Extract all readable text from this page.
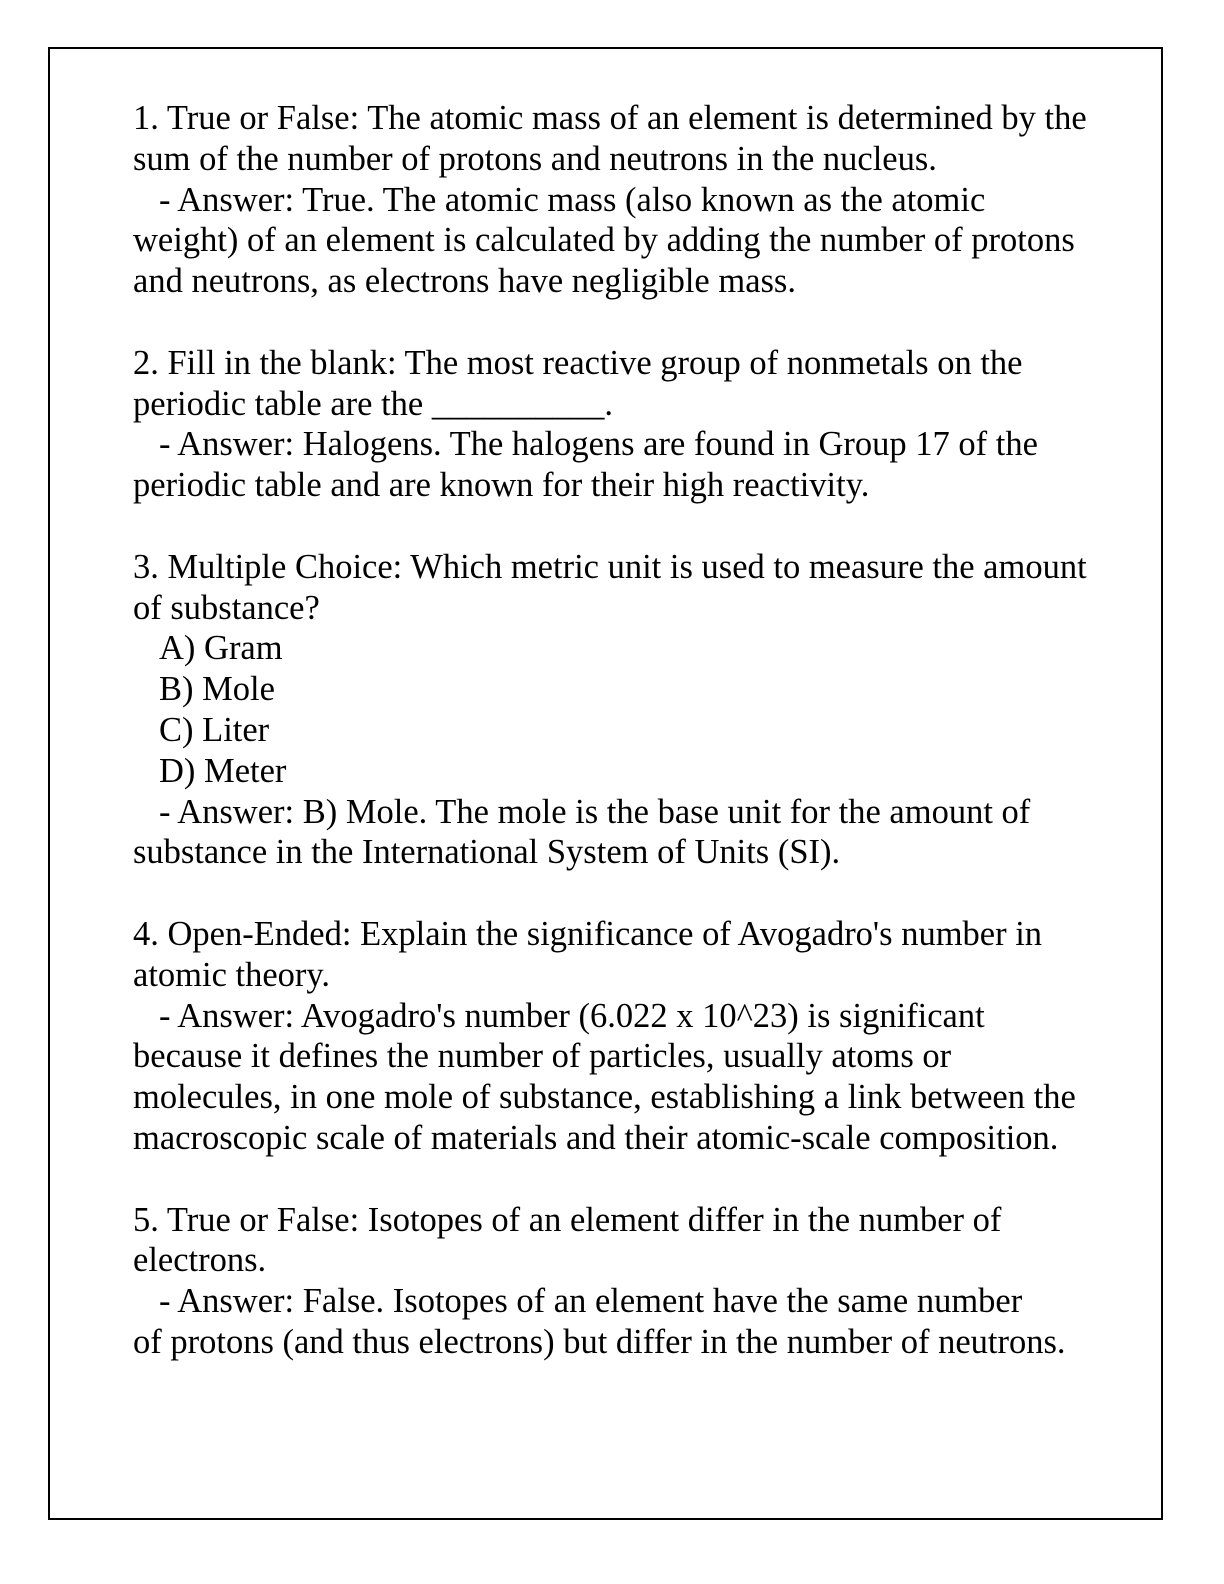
1. True or False: The atomic mass of an element is determined by the sum of the number of protons and neutrons in the nucleus.

- Answer: True. The atomic mass (also known as the atomic
weight) of an element is calculated by adding the number of protons and neutrons, as electrons have negligible mass.

2. Fill in the blank: The most reactive group of nonmetals on the periodic table are the __________.

- Answer: Halogens. The halogens are found in Group 17 of the
periodic table and are known for their high reactivity.

3. Multiple Choice: Which metric unit is used to measure the amount of substance?

A) Gram

B) Mole

C) Liter

D) Meter

- Answer: B) Mole. The mole is the base unit for the amount of
substance in the International System of Units (SI).

4. Open-Ended: Explain the significance of Avogadro's number in atomic theory.

- Answer: Avogadro's number (6.022 x 10^23) is significant
because it defines the number of particles, usually atoms or molecules, in one mole of substance, establishing a link between the macroscopic scale of materials and their atomic-scale composition.

5. True or False: Isotopes of an element differ in the number of electrons.

- Answer: False. Isotopes of an element have the same number
of protons (and thus electrons) but differ in the number of neutrons.
